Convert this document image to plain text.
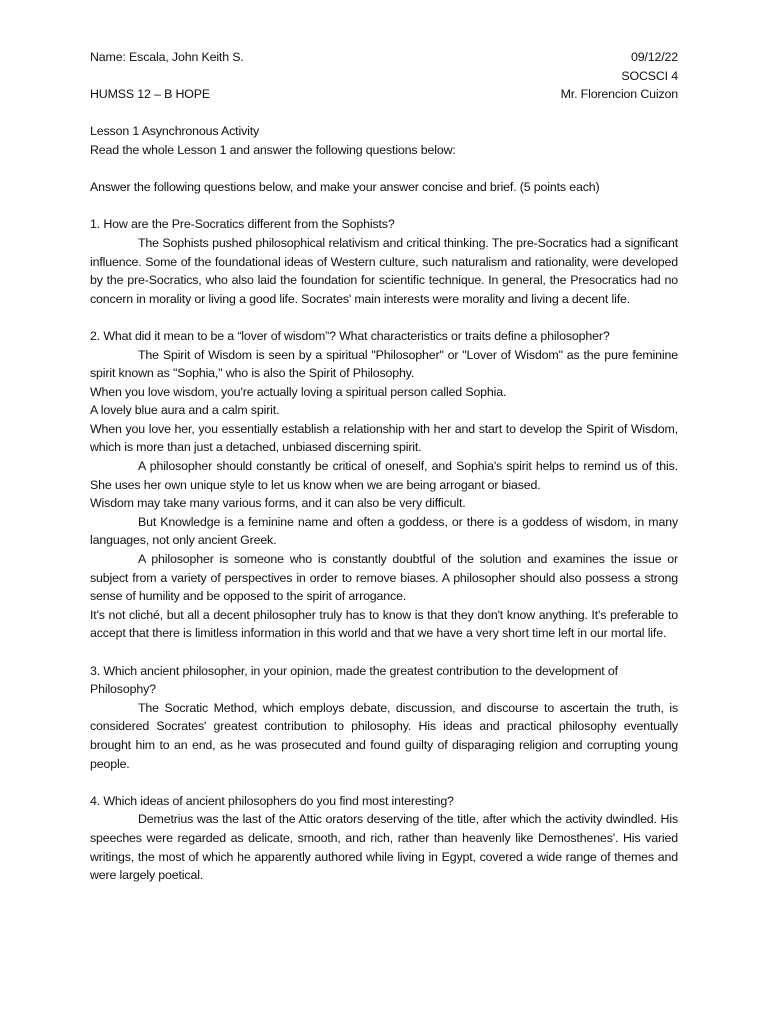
Name: Escala, John Keith S.	09/12/22
SOCSCI 4
HUMSS 12 – B HOPE	Mr. Florencion Cuizon

Lesson 1 Asynchronous Activity

Read the whole Lesson 1 and answer the following questions below:

Answer the following questions below, and make your answer concise and brief. (5 points each)

1. How are the Pre-Socratics different from the Sophists?

The Sophists pushed philosophical relativism and critical thinking. The pre-Socratics had a significant influence. Some of the foundational ideas of Western culture, such naturalism and rationality, were developed by the pre-Socratics, who also laid the foundation for scientific technique. In general, the Presocratics had no concern in morality or living a good life. Socrates' main interests were morality and living a decent life.

2. What did it mean to be a “lover of wisdom”? What characteristics or traits define a philosopher?

The Spirit of Wisdom is seen by a spiritual "Philosopher" or "Lover of Wisdom" as the pure feminine spirit known as "Sophia," who is also the Spirit of Philosophy.

When you love wisdom, you're actually loving a spiritual person called Sophia.

A lovely blue aura and a calm spirit.

When you love her, you essentially establish a relationship with her and start to develop the Spirit of Wisdom, which is more than just a detached, unbiased discerning spirit.

A philosopher should constantly be critical of oneself, and Sophia's spirit helps to remind us of this. She uses her own unique style to let us know when we are being arrogant or biased.

Wisdom may take many various forms, and it can also be very difficult.

But Knowledge is a feminine name and often a goddess, or there is a goddess of wisdom, in many languages, not only ancient Greek.

A philosopher is someone who is constantly doubtful of the solution and examines the issue or subject from a variety of perspectives in order to remove biases. A philosopher should also possess a strong sense of humility and be opposed to the spirit of arrogance.

It's not cliché, but all a decent philosopher truly has to know is that they don't know anything. It's preferable to accept that there is limitless information in this world and that we have a very short time left in our mortal life.

3. Which ancient philosopher, in your opinion, made the greatest contribution to the development of Philosophy?

The Socratic Method, which employs debate, discussion, and discourse to ascertain the truth, is considered Socrates' greatest contribution to philosophy. His ideas and practical philosophy eventually brought him to an end, as he was prosecuted and found guilty of disparaging religion and corrupting young people.

4. Which ideas of ancient philosophers do you find most interesting?

Demetrius was the last of the Attic orators deserving of the title, after which the activity dwindled. His speeches were regarded as delicate, smooth, and rich, rather than heavenly like Demosthenes'. His varied writings, the most of which he apparently authored while living in Egypt, covered a wide range of themes and were largely poetical.
